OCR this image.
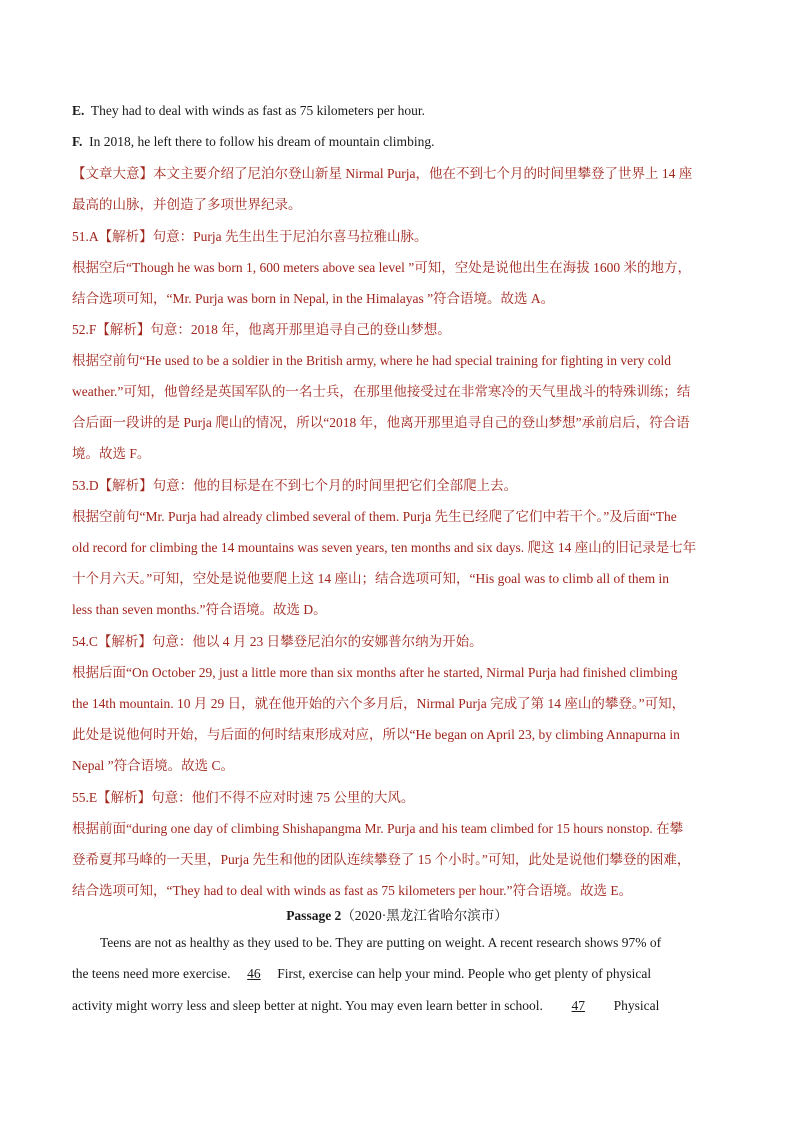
E. They had to deal with winds as fast as 75 kilometers per hour.
F. In 2018, he left there to follow his dream of mountain climbing.
【文章大意】本文主要介绍了尼泊尔登山新星 Nirmal Purja，他在不到七个月的时间里攀登了世界上 14 座
最高的山脉，并创造了多项世界纪录。
51.A【解析】句意：Purja 先生出生于尼泊尔喜马拉雅山脉。
根据空后“Though he was born 1, 600 meters above sea level ”可知，空处是说他出生在海拔 1600 米的地方，
结合选项可知，“Mr. Purja was born in Nepal, in the Himalayas ”符合语境。故选 A。
52.F【解析】句意：2018 年，他离开那里追寻自己的登山梦想。
根据空前句“He used to be a soldier in the British army, where he had special training for fighting in very cold
weather.”可知，他曾经是英国军队的一名士兵，在那里他接受过在非常寒冷的天气里战斗的特殊训练；结
合后面一段讲的是 Purja 爬山的情况，所以“2018 年，他离开那里追寻自己的登山梦想”承前启后，符合语
境。故选 F。
53.D【解析】句意：他的目标是在不到七个月的时间里把它们全部爬上去。
根据空前句“Mr. Purja had already climbed several of them. Purja 先生已经爬了它们中若干个。”及后面“The
old record for climbing the 14 mountains was seven years, ten months and six days. 爬这 14 座山的旧记录是七年
十个月六天。”可知，空处是说他要爬上这 14 座山；结合选项可知，“His goal was to climb all of them in
less than seven months.”符合语境。故选 D。
54.C【解析】句意：他以 4 月 23 日攀登尼泊尔的安娜普尔纳为开始。
根据后面“On October 29, just a little more than six months after he started, Nirmal Purja had finished climbing
the 14th mountain. 10 月 29 日，就在他开始的六个多月后，Nirmal Purja 完成了第 14 座山的攀登。”可知，
此处是说他何时开始，与后面的何时结束形成对应，所以“He began on April 23, by climbing Annapurna in
Nepal ”符合语境。故选 C。
55.E【解析】句意：他们不得不应对时速 75 公里的大风。
根据前面“during one day of climbing Shishapangma Mr. Purja and his team climbed for 15 hours nonstop. 在攀
登希夏邦马峰的一天里，Purja 先生和他的团队连续攀登了 15 个小时。”可知，此处是说他们攀登的困难，
结合选项可知，“They had to deal with winds as fast as 75 kilometers per hour.”符合语境。故选 E。
Passage 2（2020·黑龙江省哈尔滨市）
Teens are not as healthy as they used to be. They are putting on weight. A recent research shows 97% of
the teens need more exercise. 46 First, exercise can help your mind. People who get plenty of physical
activity might worry less and sleep better at night. You may even learn better in school. 47 Physical
